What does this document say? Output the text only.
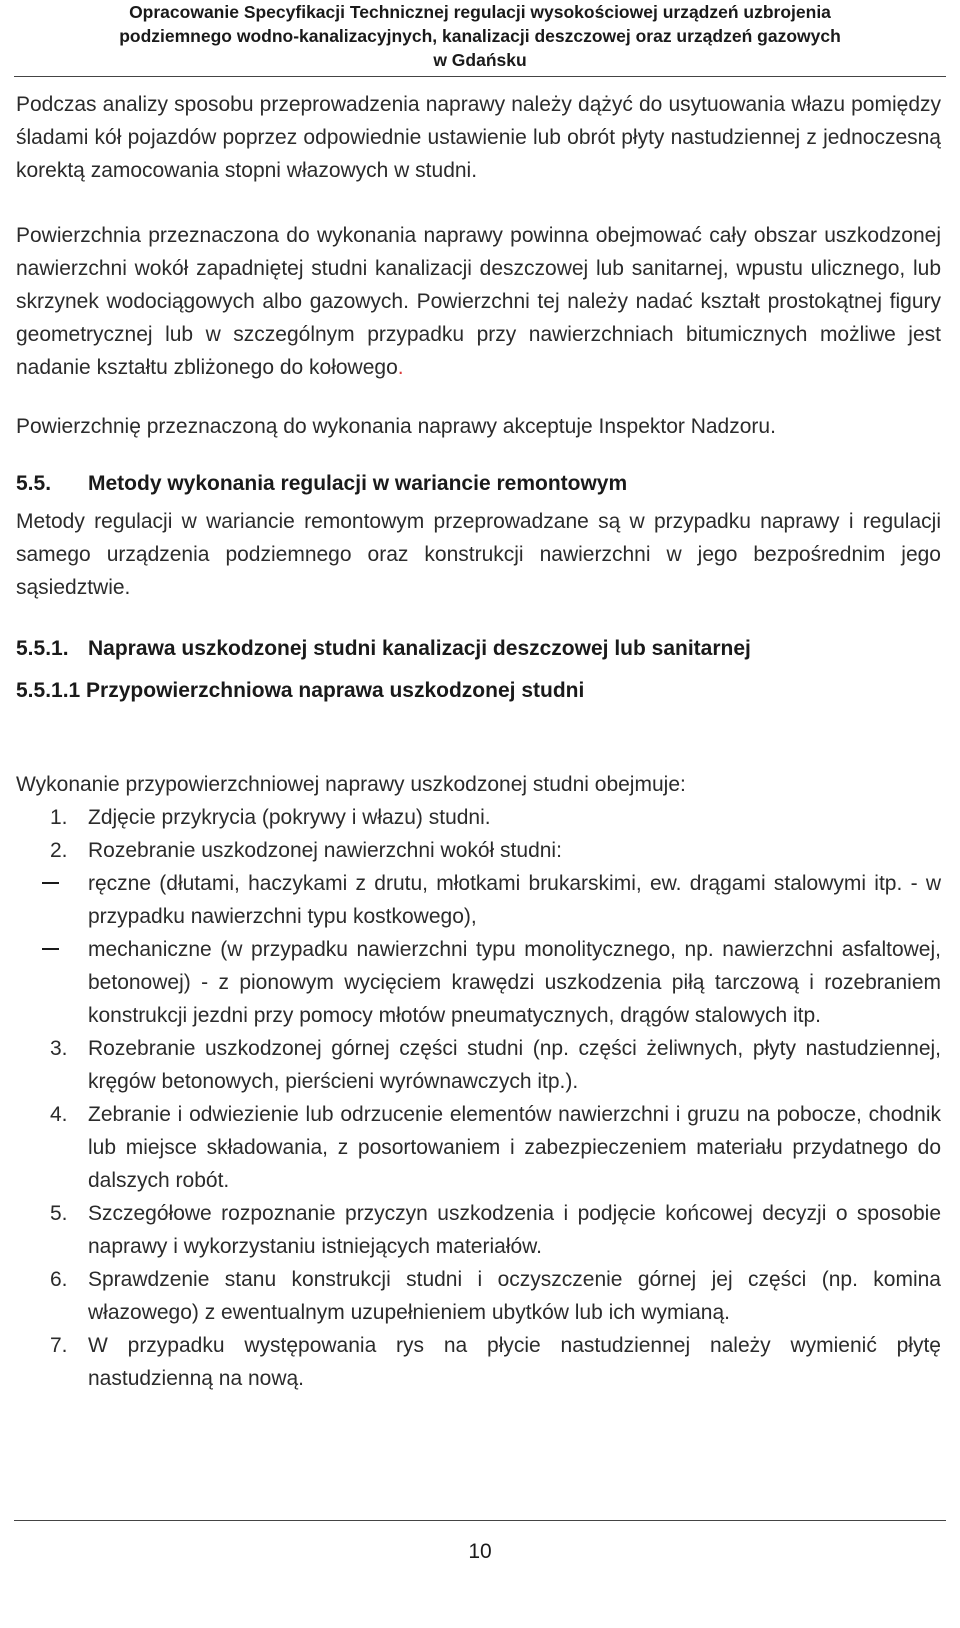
Opracowanie Specyfikacji Technicznej regulacji wysokościowej urządzeń uzbrojenia
podziemnego wodno-kanalizacyjnych, kanalizacji deszczowej oraz urządzeń gazowych
w Gdańsku

Podczas analizy sposobu przeprowadzenia naprawy należy dążyć do usytuowania włazu pomiędzy śladami kół pojazdów poprzez odpowiednie ustawienie lub obrót płyty nastudziennej z jednoczesną korektą zamocowania stopni włazowych w studni.

Powierzchnia przeznaczona do wykonania naprawy powinna obejmować cały obszar uszkodzonej nawierzchni wokół zapadniętej studni kanalizacji deszczowej lub sanitarnej, wpustu ulicznego, lub skrzynek wodociągowych albo gazowych. Powierzchni tej należy nadać kształt prostokątnej figury geometrycznej lub w szczególnym przypadku przy nawierzchniach bitumicznych możliwe jest nadanie kształtu zbliżonego do kołowego.

Powierzchnię przeznaczoną do wykonania naprawy akceptuje Inspektor Nadzoru.

5.5. Metody wykonania regulacji w wariancie remontowym

Metody regulacji w wariancie remontowym przeprowadzane są w przypadku naprawy i regulacji samego urządzenia podziemnego oraz konstrukcji nawierzchni w jego bezpośrednim jego sąsiedztwie.

5.5.1. Naprawa uszkodzonej studni kanalizacji deszczowej lub sanitarnej
5.5.1.1 Przypowierzchniowa naprawa uszkodzonej studni

Wykonanie przypowierzchniowej naprawy uszkodzonej studni obejmuje:

1. Zdjęcie przykrycia (pokrywy i włazu) studni.
2. Rozebranie uszkodzonej nawierzchni wokół studni:
ręczne (dłutami, haczykami z drutu, młotkami brukarskimi, ew. drągami stalowymi itp. - w przypadku nawierzchni typu kostkowego),
mechaniczne (w przypadku nawierzchni typu monolitycznego, np. nawierzchni asfaltowej, betonowej) - z pionowym wycięciem krawędzi uszkodzenia piłą tarczową i rozebraniem konstrukcji jezdni przy pomocy młotów pneumatycznych, drągów stalowych itp.
3. Rozebranie uszkodzonej górnej części studni (np. części żeliwnych, płyty nastudziennej, kręgów betonowych, pierścieni wyrównawczych itp.).
4. Zebranie i odwiezienie lub odrzucenie elementów nawierzchni i gruzu na pobocze, chodnik lub miejsce składowania, z posortowaniem i zabezpieczeniem materiału przydatnego do dalszych robót.
5. Szczegółowe rozpoznanie przyczyn uszkodzenia i podjęcie końcowej decyzji o sposobie naprawy i wykorzystaniu istniejących materiałów.
6. Sprawdzenie stanu konstrukcji studni i oczyszczenie górnej jej części (np. komina włazowego) z ewentualnym uzupełnieniem ubytków lub ich wymianą.
7. W przypadku występowania rys na płycie nastudziennej należy wymienić płytę nastudzienną na nową.
10
